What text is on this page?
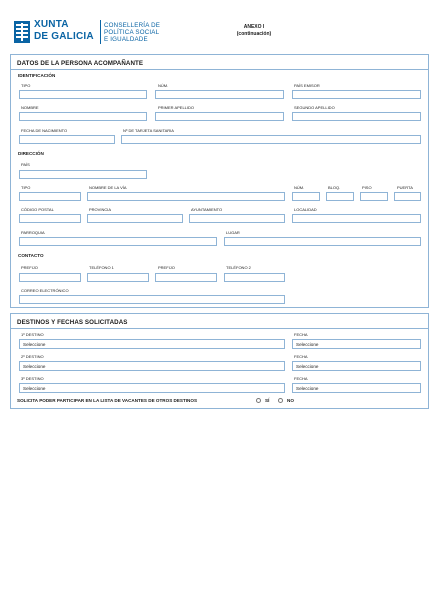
XUNTA
DE GALICIA
CONSELLERÍA DE
POLÍTICA SOCIAL
E IGUALDADE
ANEXO I
(continuación)
DATOS DE LA PERSONA ACOMPAÑANTE
IDENTIFICACIÓN
TIPO	NÚM.	PAÍS EMISOR
NOMBRE	PRIMER APELLIDO	SEGUNDO APELLIDO
FECHA DE NACIMIENTO	Nº DE TARJETA SANITARIA
DIRECCIÓN
PAÍS
TIPO	NOMBRE DE LA VÍA	NÚM.	BLOQ.	PISO	PUERTA
CÓDIGO POSTAL	PROVINCIA	AYUNTAMIENTO	LOCALIDAD
PARROQUIA	LUGAR
CONTACTO
PREFIJO	TELÉFONO 1	PREFIJO	TELÉFONO 2
CORREO ELECTRÓNICO
DESTINOS Y FECHAS SOLICITADAS
1º DESTINO	FECHA
Seleccione	Seleccione
2º DESTINO	FECHA
Seleccione	Seleccione
3º DESTINO	FECHA
Seleccione	Seleccione
SOLICITA PODER PARTICIPAR EN LA LISTA DE VACANTES DE OTROS DESTINOS	SÍ	NO
